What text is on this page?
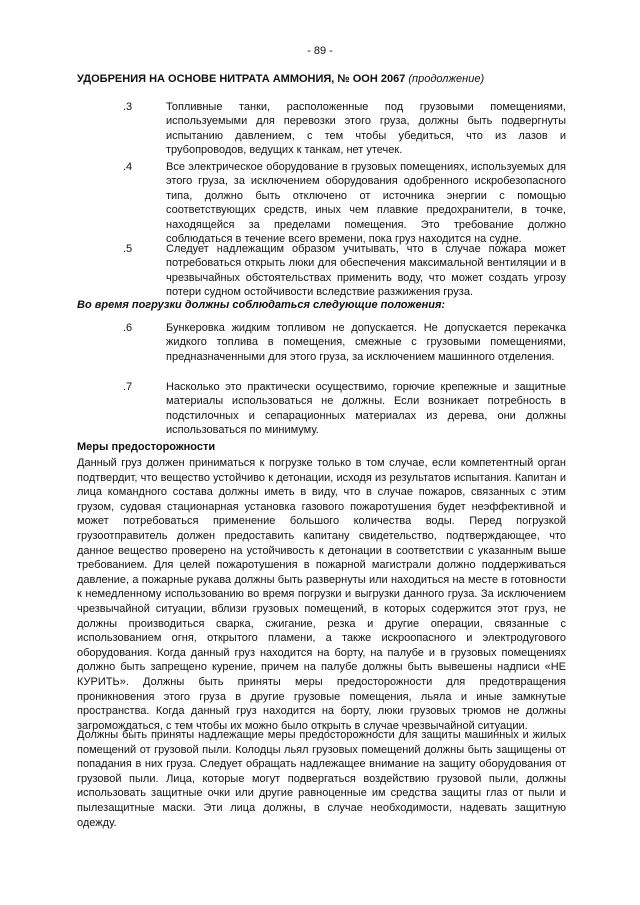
- 89 -
УДОБРЕНИЯ НА ОСНОВЕ НИТРАТА АММОНИЯ, № ООН 2067 (продолжение)
.3	Топливные танки, расположенные под грузовыми помещениями, используемыми для перевозки этого груза, должны быть подвергнуты испытанию давлением, с тем чтобы убедиться, что из лазов и трубопроводов, ведущих к танкам, нет утечек.
.4	Все электрическое оборудование в грузовых помещениях, используемых для этого груза, за исключением оборудования одобренного искробезопасного типа, должно быть отключено от источника энергии с помощью соответствующих средств, иных чем плавкие предохранители, в точке, находящейся за пределами помещения. Это требование должно соблюдаться в течение всего времени, пока груз находится на судне.
.5	Следует надлежащим образом учитывать, что в случае пожара может потребоваться открыть люки для обеспечения максимальной вентиляции и в чрезвычайных обстоятельствах применить воду, что может создать угрозу потери судном остойчивости вследствие разжижения груза.
Во время погрузки должны соблюдаться следующие положения:
.6	Бункеровка жидким топливом не допускается. Не допускается перекачка жидкого топлива в помещения, смежные с грузовыми помещениями, предназначенными для этого груза, за исключением машинного отделения.
.7	Насколько это практически осуществимо, горючие крепежные и защитные материалы использоваться не должны. Если возникает потребность в подстилочных и сепарационных материалах из дерева, они должны использоваться по минимуму.
Меры предосторожности
Данный груз должен приниматься к погрузке только в том случае, если компетентный орган подтвердит, что вещество устойчиво к детонации, исходя из результатов испытания. Капитан и лица командного состава должны иметь в виду, что в случае пожаров, связанных с этим грузом, судовая стационарная установка газового пожаротушения будет неэффективной и может потребоваться применение большого количества воды. Перед погрузкой грузоотправитель должен предоставить капитану свидетельство, подтверждающее, что данное вещество проверено на устойчивость к детонации в соответствии с указанным выше требованием. Для целей пожаротушения в пожарной магистрали должно поддерживаться давление, а пожарные рукава должны быть развернуты или находиться на месте в готовности к немедленному использованию во время погрузки и выгрузки данного груза. За исключением чрезвычайной ситуации, вблизи грузовых помещений, в которых содержится этот груз, не должны производиться сварка, сжигание, резка и другие операции, связанные с использованием огня, открытого пламени, а также искроопасного и электродугового оборудования. Когда данный груз находится на борту, на палубе и в грузовых помещениях должно быть запрещено курение, причем на палубе должны быть вывешены надписи «НЕ КУРИТЬ». Должны быть приняты меры предосторожности для предотвращения проникновения этого груза в другие грузовые помещения, льяла и иные замкнутые пространства. Когда данный груз находится на борту, люки грузовых трюмов не должны загромождаться, с тем чтобы их можно было открыть в случае чрезвычайной ситуации.
Должны быть приняты надлежащие меры предосторожности для защиты машинных и жилых помещений от грузовой пыли. Колодцы льял грузовых помещений должны быть защищены от попадания в них груза. Следует обращать надлежащее внимание на защиту оборудования от грузовой пыли. Лица, которые могут подвергаться воздействию грузовой пыли, должны использовать защитные очки или другие равноценные им средства защиты глаз от пыли и пылезащитные маски. Эти лица должны, в случае необходимости, надевать защитную одежду.
